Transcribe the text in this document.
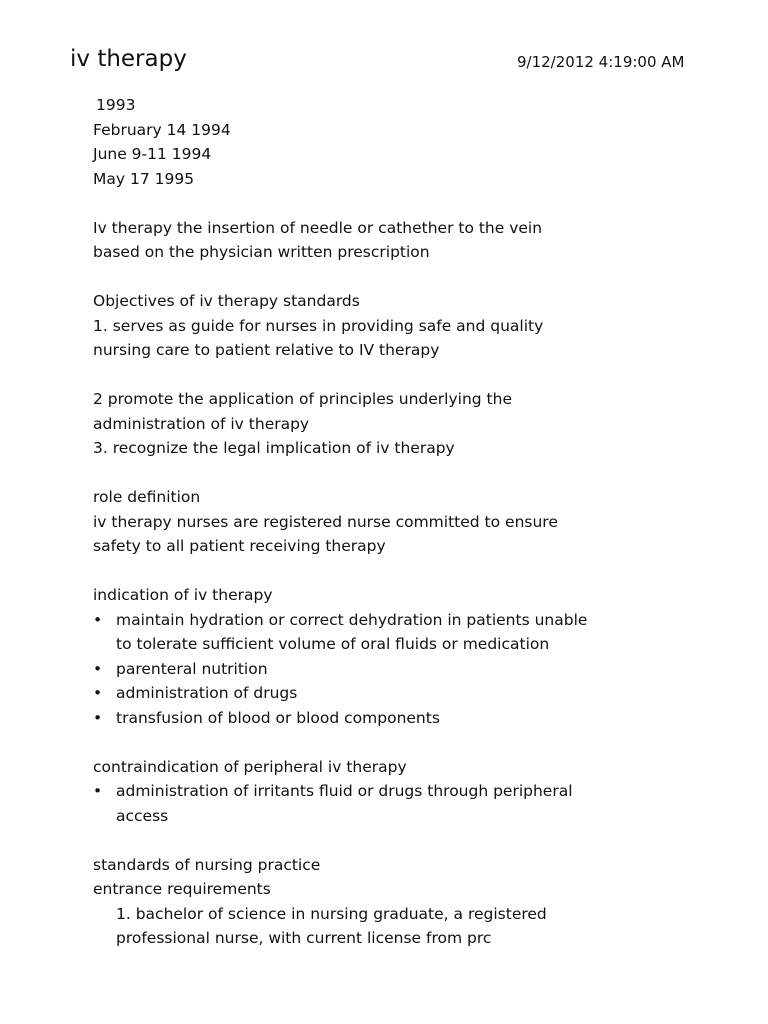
iv therapy	9/12/2012 4:19:00 AM
1993
February 14 1994
June 9-11 1994
May 17 1995
Iv therapy the insertion of needle or cathether to the vein
based on the physician written prescription
Objectives of iv therapy standards
1. serves as guide for nurses in providing safe and quality
nursing care to patient relative to IV therapy
2 promote the application of principles underlying the
administration of iv therapy
3. recognize the legal implication of iv therapy
role definition
iv therapy nurses are registered nurse committed to ensure
safety to all patient receiving therapy
indication of iv therapy
• maintain hydration or correct dehydration in patients unable
to tolerate sufficient volume of oral fluids or medication
• parenteral nutrition
• administration of drugs
• transfusion of blood or blood components
contraindication of peripheral iv therapy
• administration of irritants fluid or drugs through peripheral
access
standards of nursing practice
entrance requirements
1. bachelor of science in nursing graduate, a registered
professional nurse, with current license from prc
